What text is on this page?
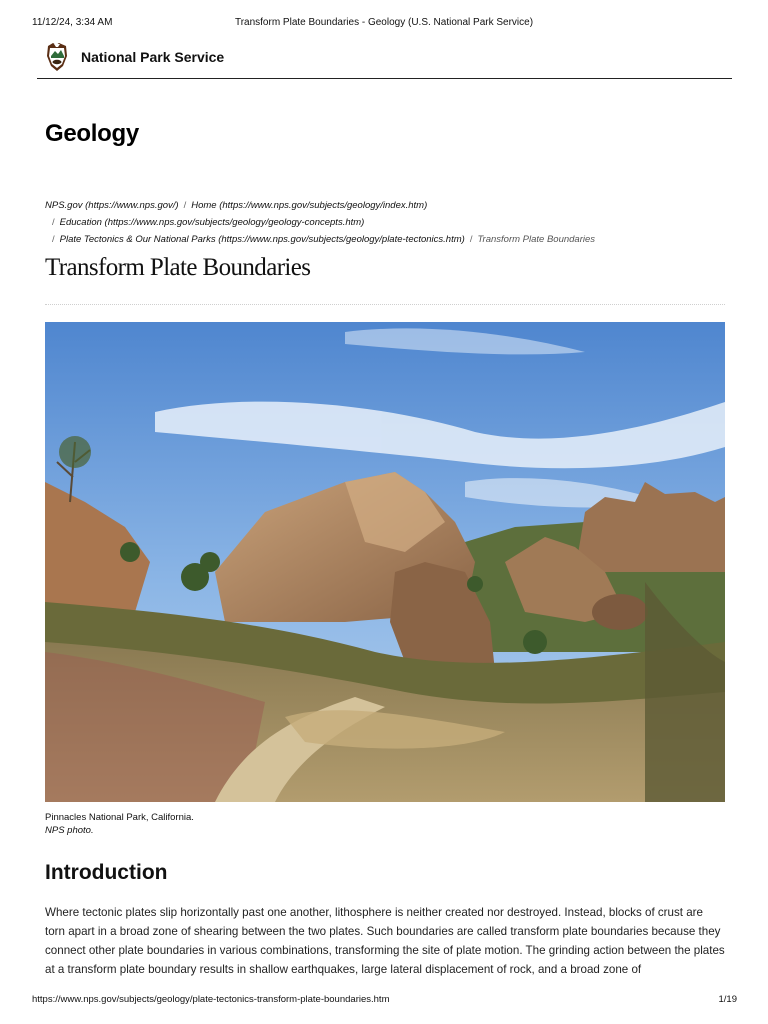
11/12/24, 3:34 AM	Transform Plate Boundaries - Geology (U.S. National Park Service)
National Park Service
Geology
NPS.gov (https://www.nps.gov/) / Home (https://www.nps.gov/subjects/geology/index.htm)
/ Education (https://www.nps.gov/subjects/geology/geology-concepts.htm)
/ Plate Tectonics & Our National Parks (https://www.nps.gov/subjects/geology/plate-tectonics.htm) / Transform Plate Boundaries
Transform Plate Boundaries
Pinnacles National Park, California.
NPS photo.
Introduction

Where tectonic plates slip horizontally past one another, lithosphere is neither created nor destroyed. Instead, blocks of crust are torn apart in a broad zone of shearing between the two plates. Such boundaries are called transform plate boundaries because they connect other plate boundaries in various combinations, transforming the site of plate motion. The grinding action between the plates at a transform plate boundary results in shallow earthquakes, large lateral displacement of rock, and a broad zone of

https://www.nps.gov/subjects/geology/plate-tectonics-transform-plate-boundaries.htm	1/19
